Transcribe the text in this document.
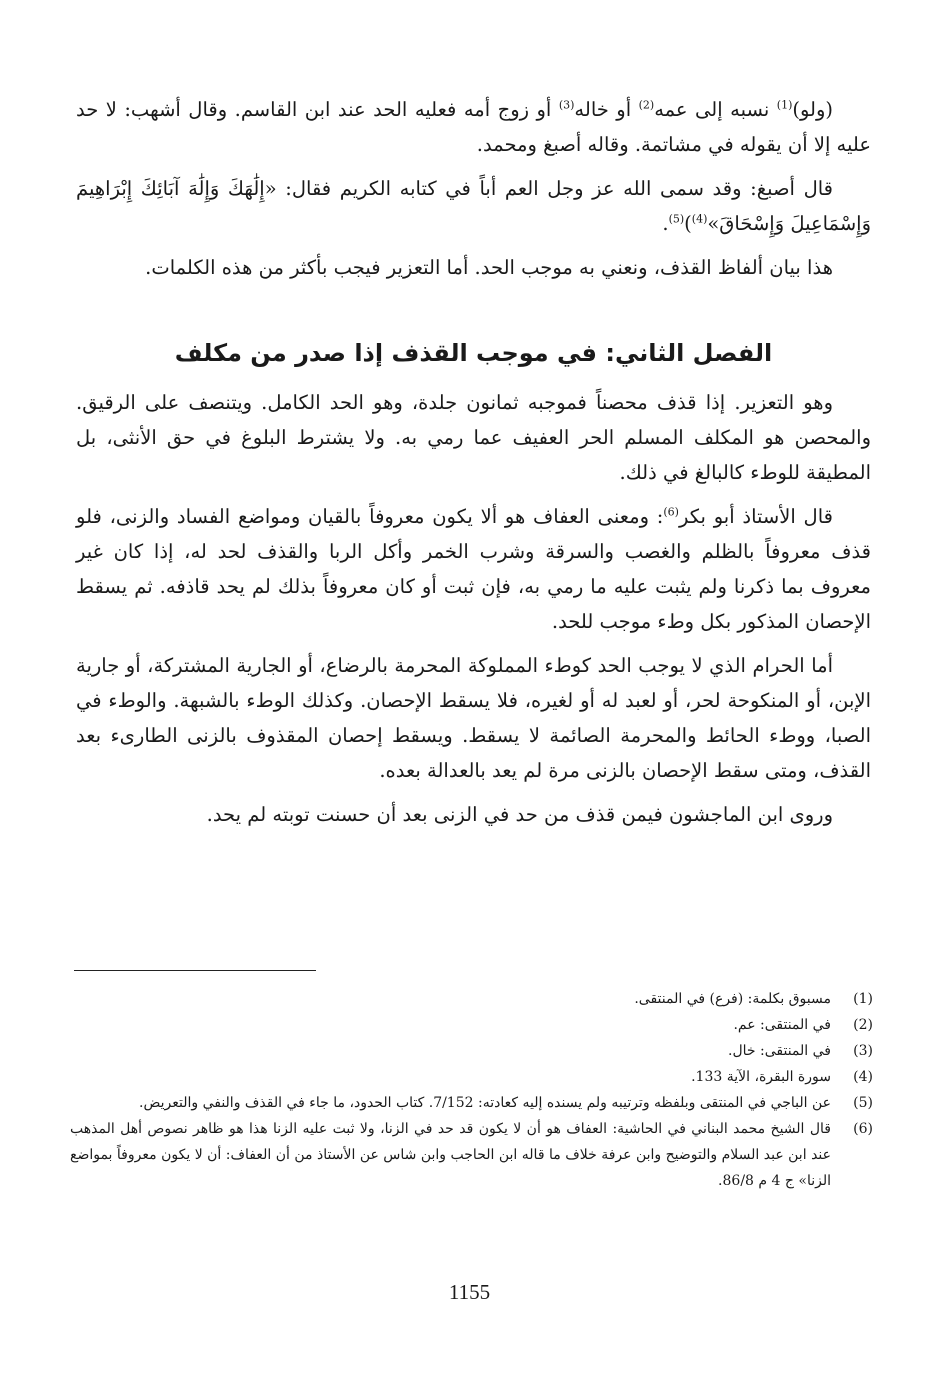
(ولو)$^{(1)}$ نسبه إلى عمه$^{(2)}$ أو خاله$^{(3)}$ أو زوج أمه فعليه الحد عند ابن القاسم. وقال أشهب: لا حد عليه إلا أن يقوله في مشاتمة. وقاله أصبغ ومحمد.

قال أصبغ: وقد سمى الله عز وجل العم أباً في كتابه الكريم فقال: «إِلَٰهَكَ وَإِلَٰهَ آبَائِكَ إِبْرَاهِيمَ وَإِسْمَاعِيلَ وَإِسْحَاقَ»$^{(4)}$)$^{(5)}$.

هذا بيان ألفاظ القذف، ونعني به موجب الحد. أما التعزير فيجب بأكثر من هذه الكلمات.

الفصل الثاني: في موجب القذف إذا صدر من مكلف

وهو التعزير. إذا قذف محصناً فموجبه ثمانون جلدة، وهو الحد الكامل. ويتنصف على الرقيق. والمحصن هو المكلف المسلم الحر العفيف عما رمي به. ولا يشترط البلوغ في حق الأنثى، بل المطيقة للوطء كالبالغ في ذلك.

قال الأستاذ أبو بكر$^{(6)}$: ومعنى العفاف هو ألا يكون معروفاً بالقيان ومواضع الفساد والزنى، فلو قذف معروفاً بالظلم والغصب والسرقة وشرب الخمر وأكل الربا والقذف لحد له، إذا كان غير معروف بما ذكرنا ولم يثبت عليه ما رمي به، فإن ثبت أو كان معروفاً بذلك لم يحد قاذفه. ثم يسقط الإحصان المذكور بكل وطء موجب للحد.

أما الحرام الذي لا يوجب الحد كوطء المملوكة المحرمة بالرضاع، أو الجارية المشتركة، أو جارية الإبن، أو المنكوحة لحر، أو لعبد له أو لغيره، فلا يسقط الإحصان. وكذلك الوطء بالشبهة. والوطء في الصبا، ووطء الحائط والمحرمة الصائمة لا يسقط. ويسقط إحصان المقذوف بالزنى الطارىء بعد القذف، ومتى سقط الإحصان بالزنى مرة لم يعد بالعدالة بعده.

وروى ابن الماجشون فيمن قذف من حد في الزنى بعد أن حسنت توبته لم يحد.

(1)
مسبوق بكلمة: (فرع) في المنتقى.
(2)
في المنتقى: عم.
(3)
في المنتقى: خال.
(4)
سورة البقرة، الآية 133.
(5)
عن الباجي في المنتقى وبلفظه وترتيبه ولم يسنده إليه كعادته: 7/152. كتاب الحدود، ما جاء في القذف والنفي والتعريض.
(6)
قال الشيخ محمد البناني في الحاشية: العفاف هو أن لا يكون قد حد في الزنا، ولا ثبت عليه الزنا هذا هو ظاهر نصوص أهل المذهب عند ابن عبد السلام والتوضيح وابن عرفة خلاف ما قاله ابن الحاجب وابن شاس عن الأستاذ من أن العفاف: أن لا يكون معروفاً بمواضع الزنا» ج 4 م 86/8.
1155
